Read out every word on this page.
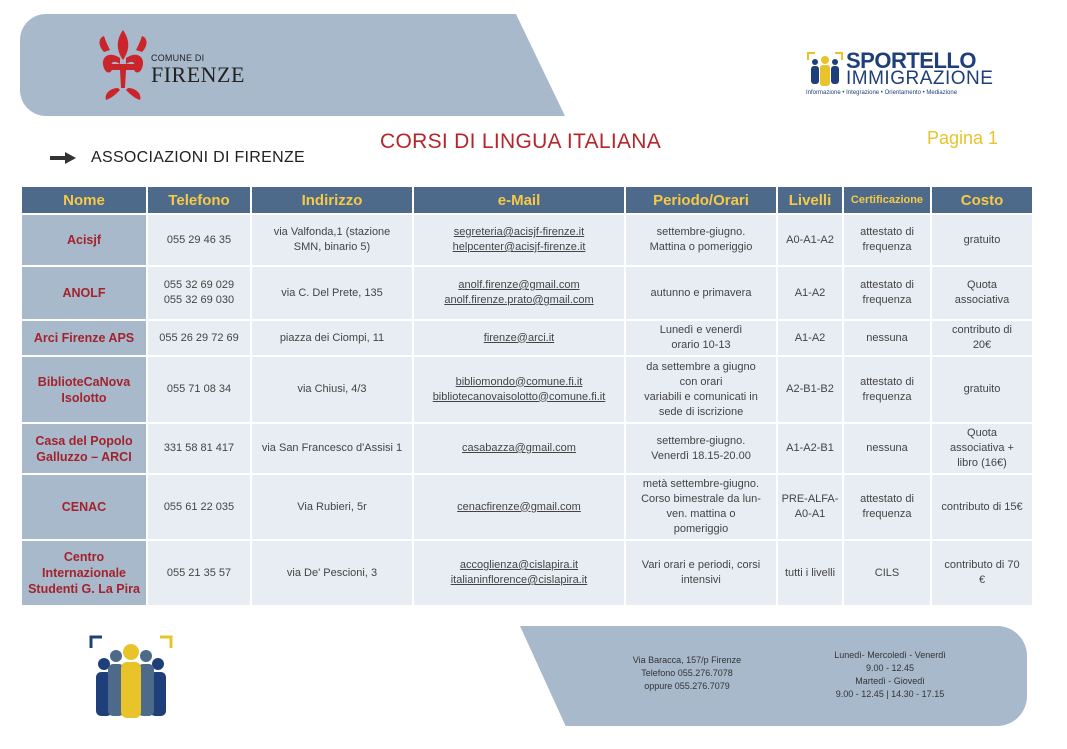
COMUNE DI
FIRENZE
SPORTELLO
IMMIGRAZIONE
Informazione • Integrazione • Orientamento • Mediazione
ASSOCIAZIONI DI FIRENZE
CORSI DI LINGUA ITALIANA	Pagina 1
Nome	Telefono	Indirizzo	e-Mail	Periodo/Orari	Livelli	Certificazione	Costo

Acisjf	055 29 46 35	via Valfonda,1 (stazione
SMN, binario 5)	segreteria@acisjf-firenze.it
helpcenter@acisjf-firenze.it	settembre-giugno.
Mattina o pomeriggio	A0-A1-A2	attestato di
frequenza	gratuito

ANOLF	055 32 69 029
055 32 69 030	via C. Del Prete, 135	anolf.firenze@gmail.com
anolf.firenze.prato@gmail.com	autunno e primavera	A1-A2	attestato di
frequenza	Quota
associativa

Arci Firenze APS	055 26 29 72 69	piazza dei Ciompi, 11	firenze@arci.it	Lunedì e venerdì
orario 10-13	A1-A2	nessuna	contributo di
20€

BiblioteCaNova
Isolotto	055 71 08 34	via Chiusi, 4/3	bibliomondo@comune.fi.it
bibliotecanovaisolotto@comune.fi.it	da settembre a giugno
con orari
variabili e comunicati in
sede di iscrizione	A2-B1-B2	attestato di
frequenza	gratuito

Casa del Popolo
Galluzzo – ARCI	331 58 81 417	via San Francesco d'Assisi 1	casabazza@gmail.com	settembre-giugno.
Venerdì 18.15-20.00	A1-A2-B1	nessuna	Quota
associativa +
libro (16€)

CENAC	055 61 22 035	Via Rubieri, 5r	cenacfirenze@gmail.com	metà settembre-giugno.
Corso bimestrale da lun-
ven. mattina o
pomeriggio	PRE-ALFA-
A0-A1	attestato di
frequenza	contributo di 15€

Centro
Internazionale
Studenti G. La Pira	055 21 35 57	via De' Pescioni, 3	accoglienza@cislapira.it
italianinflorence@cislapira.it	Vari orari e periodi, corsi
intensivi	tutti i livelli	CILS	contributo di 70
€
Via Baracca, 157/p Firenze
Telefono 055.276.7078
oppure 055.276.7079
Lunedì- Mercoledì - Venerdì
9.00 - 12.45
Martedì - Giovedì
9.00 - 12.45 | 14.30 - 17.15
